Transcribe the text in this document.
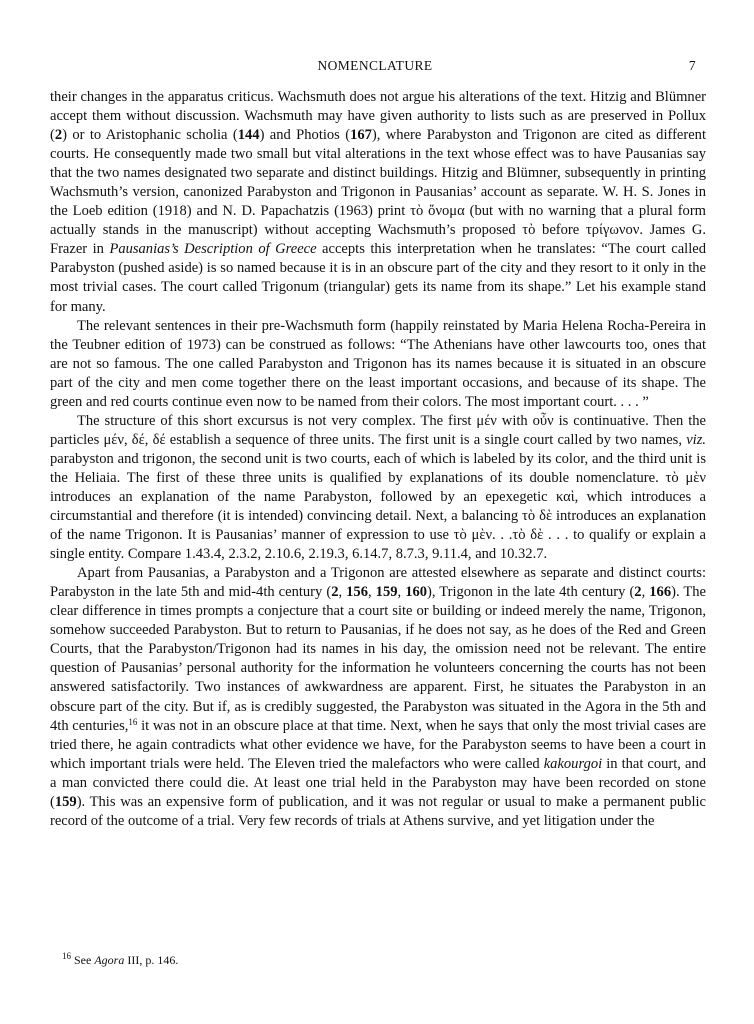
NOMENCLATURE	7

their changes in the apparatus criticus. Wachsmuth does not argue his alterations of the text. Hitzig and Blümner accept them without discussion. Wachsmuth may have given authority to lists such as are preserved in Pollux (2) or to Aristophanic scholia (144) and Photios (167), where Parabyston and Trigonon are cited as different courts. He consequently made two small but vital alterations in the text whose effect was to have Pausanias say that the two names designated two separate and distinct buildings. Hitzig and Blümner, subsequently in printing Wachsmuth’s version, canonized Parabyston and Trigonon in Pausanias’ account as separate. W. H. S. Jones in the Loeb edition (1918) and N. D. Papachatzis (1963) print τὸ ὄνομα (but with no warning that a plural form actually stands in the manuscript) without accepting Wachsmuth’s proposed τὸ before τρίγωνον. James G. Frazer in Pausanias’s Description of Greece accepts this interpretation when he translates: “The court called Parabyston (pushed aside) is so named because it is in an obscure part of the city and they resort to it only in the most trivial cases. The court called Trigonum (triangular) gets its name from its shape.” Let his example stand for many.

The relevant sentences in their pre-Wachsmuth form (happily reinstated by Maria Helena Rocha-Pereira in the Teubner edition of 1973) can be construed as follows: “The Athenians have other lawcourts too, ones that are not so famous. The one called Parabyston and Trigonon has its names because it is situated in an obscure part of the city and men come together there on the least important occasions, and because of its shape. The green and red courts continue even now to be named from their colors. The most important court. . . . ”

The structure of this short excursus is not very complex. The first μέν with οὖν is continuative. Then the particles μέν, δέ, δέ establish a sequence of three units. The first unit is a single court called by two names, viz. parabyston and trigonon, the second unit is two courts, each of which is labeled by its color, and the third unit is the Heliaia. The first of these three units is qualified by explanations of its double nomenclature. τὸ μὲν introduces an explanation of the name Parabyston, followed by an epexegetic καὶ, which introduces a circumstantial and therefore (it is intended) convincing detail. Next, a balancing τὸ δὲ introduces an explanation of the name Trigonon. It is Pausanias’ manner of expression to use τὸ μὲν. . .τὸ δὲ . . . to qualify or explain a single entity. Compare 1.43.4, 2.3.2, 2.10.6, 2.19.3, 6.14.7, 8.7.3, 9.11.4, and 10.32.7.

Apart from Pausanias, a Parabyston and a Trigonon are attested elsewhere as separate and distinct courts: Parabyston in the late 5th and mid-4th century (2, 156, 159, 160), Trigonon in the late 4th century (2, 166). The clear difference in times prompts a conjecture that a court site or building or indeed merely the name, Trigonon, somehow succeeded Parabyston. But to return to Pausanias, if he does not say, as he does of the Red and Green Courts, that the Parabyston/Trigonon had its names in his day, the omission need not be relevant. The entire question of Pausanias’ personal authority for the information he volunteers concerning the courts has not been answered satisfactorily. Two instances of awkwardness are apparent. First, he situates the Parabyston in an obscure part of the city. But if, as is credibly suggested, the Parabyston was situated in the Agora in the 5th and 4th centuries,$^{16}$ it was not in an obscure place at that time. Next, when he says that only the most trivial cases are tried there, he again contradicts what other evidence we have, for the Parabyston seems to have been a court in which important trials were held. The Eleven tried the malefactors who were called kakourgoi in that court, and a man convicted there could die. At least one trial held in the Parabyston may have been recorded on stone (159). This was an expensive form of publication, and it was not regular or usual to make a permanent public record of the outcome of a trial. Very few records of trials at Athens survive, and yet litigation under the

$^{16}$ See Agora III, p. 146.
